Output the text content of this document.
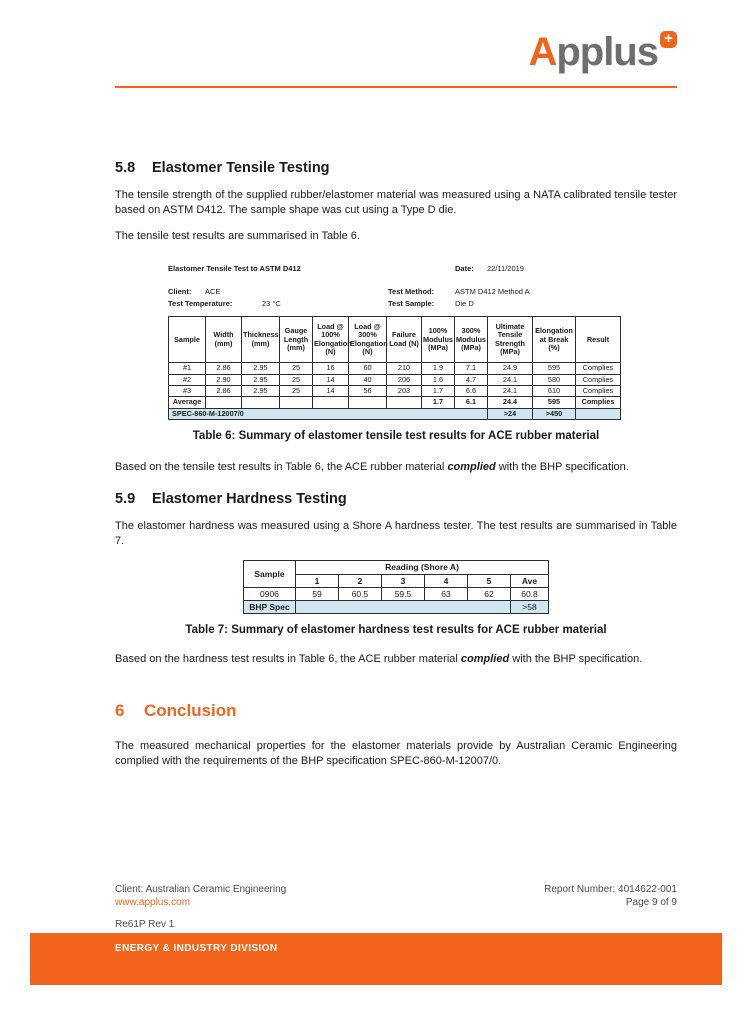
Applus +
5.8 Elastomer Tensile Testing
The tensile strength of the supplied rubber/elastomer material was measured using a NATA calibrated tensile tester based on ASTM D412. The sample shape was cut using a Type D die.
The tensile test results are summarised in Table 6.
Elastomer Tensile Test to ASTM D412	Date: 22/11/2019
Client: ACE	Test Method:	ASTM D412 Method A
Test Temperature:	23 °C	Test Sample:	Die D
Sample	Width (mm)	Thickness (mm)	Gauge Length (mm)	Load @ 100% Elongation (N)	Load @ 300% Elongation (N)	Failure Load (N)	100% Modulus (MPa)	300% Modulus (MPa)	Ultimate Tensile Strength (MPa)	Elongation at Break (%)	Result
#1	2.86	2.95	25	16	60	210	1.9	7.1	24.9	595	Complies
#2	2.90	2.95	25	14	40	206	1.6	4.7	24.1	580	Complies
#3	2.86	2.95	25	14	56	203	1.7	6.6	24.1	610	Complies
Average							1.7	6.1	24.4	595	Complies
SPEC-860-M-12007/0									>24	>450	
Table 6: Summary of elastomer tensile test results for ACE rubber material
Based on the tensile test results in Table 6, the ACE rubber material complied with the BHP specification.
5.9 Elastomer Hardness Testing
The elastomer hardness was measured using a Shore A hardness tester. The test results are summarised in Table 7.
Sample	Reading (Shore A)					
	1	2	3	4	5	Ave
0906	59	60.5	59.5	63	62	60.8
BHP Spec						>58
Table 7: Summary of elastomer hardness test results for ACE rubber material
Based on the hardness test results in Table 6, the ACE rubber material complied with the BHP specification.
6 Conclusion
The measured mechanical properties for the elastomer materials provide by Australian Ceramic Engineering complied with the requirements of the BHP specification SPEC-860-M-12007/0.
Client: Australian Ceramic Engineering
www.applus.com
Report Number: 4014622-001
Page 9 of 9
Re61P Rev 1
ENERGY & INDUSTRY DIVISION
